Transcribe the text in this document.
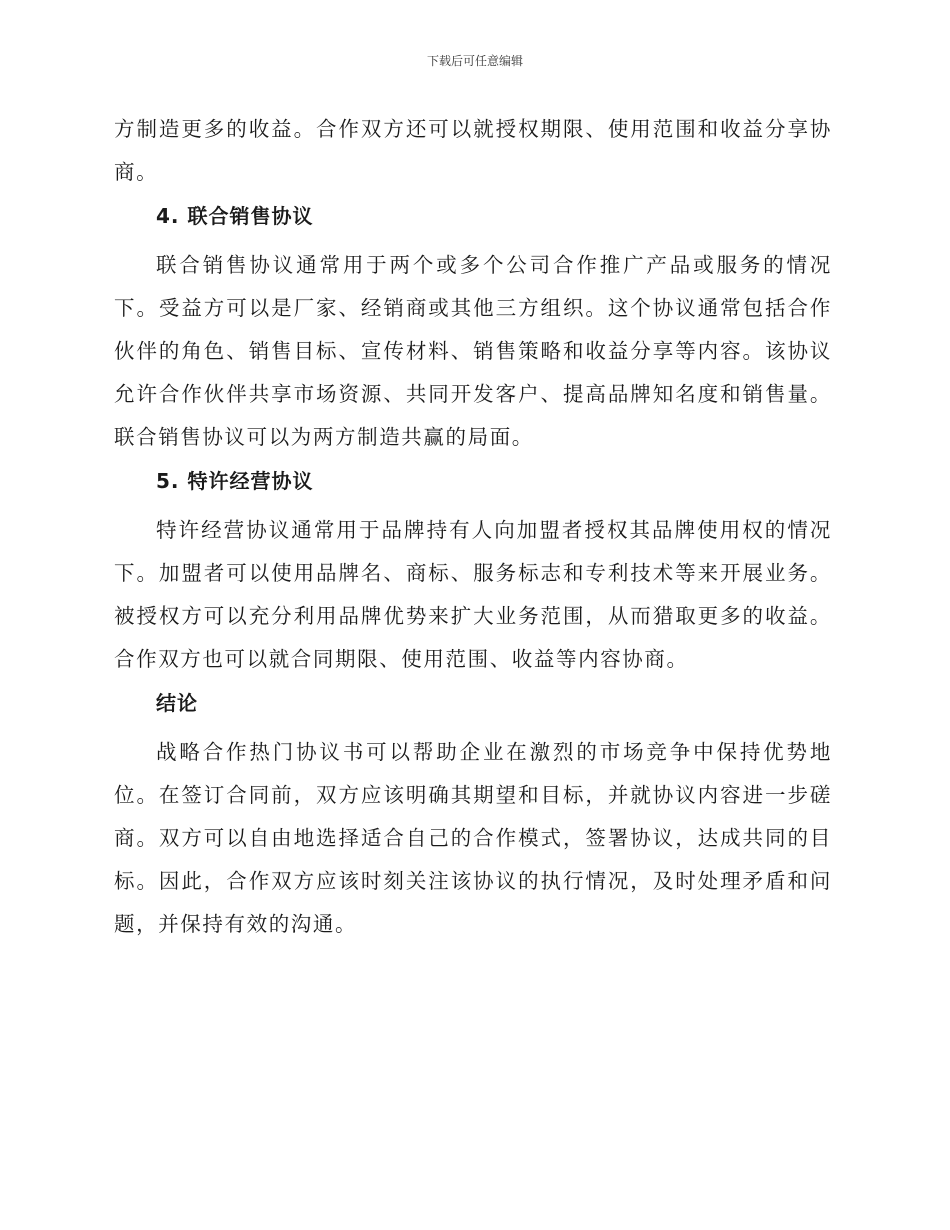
下载后可任意编辑

方制造更多的收益。合作双方还可以就授权期限、使用范围和收益分享协商。

4. 联合销售协议

联合销售协议通常用于两个或多个公司合作推广产品或服务的情况下。受益方可以是厂家、经销商或其他三方组织。这个协议通常包括合作伙伴的角色、销售目标、宣传材料、销售策略和收益分享等内容。该协议允许合作伙伴共享市场资源、共同开发客户、提高品牌知名度和销售量。联合销售协议可以为两方制造共赢的局面。

5. 特许经营协议

特许经营协议通常用于品牌持有人向加盟者授权其品牌使用权的情况下。加盟者可以使用品牌名、商标、服务标志和专利技术等来开展业务。被授权方可以充分利用品牌优势来扩大业务范围，从而猎取更多的收益。合作双方也可以就合同期限、使用范围、收益等内容协商。

结论

战略合作热门协议书可以帮助企业在激烈的市场竞争中保持优势地位。在签订合同前，双方应该明确其期望和目标，并就协议内容进一步磋商。双方可以自由地选择适合自己的合作模式，签署协议，达成共同的目标。因此，合作双方应该时刻关注该协议的执行情况，及时处理矛盾和问题，并保持有效的沟通。
